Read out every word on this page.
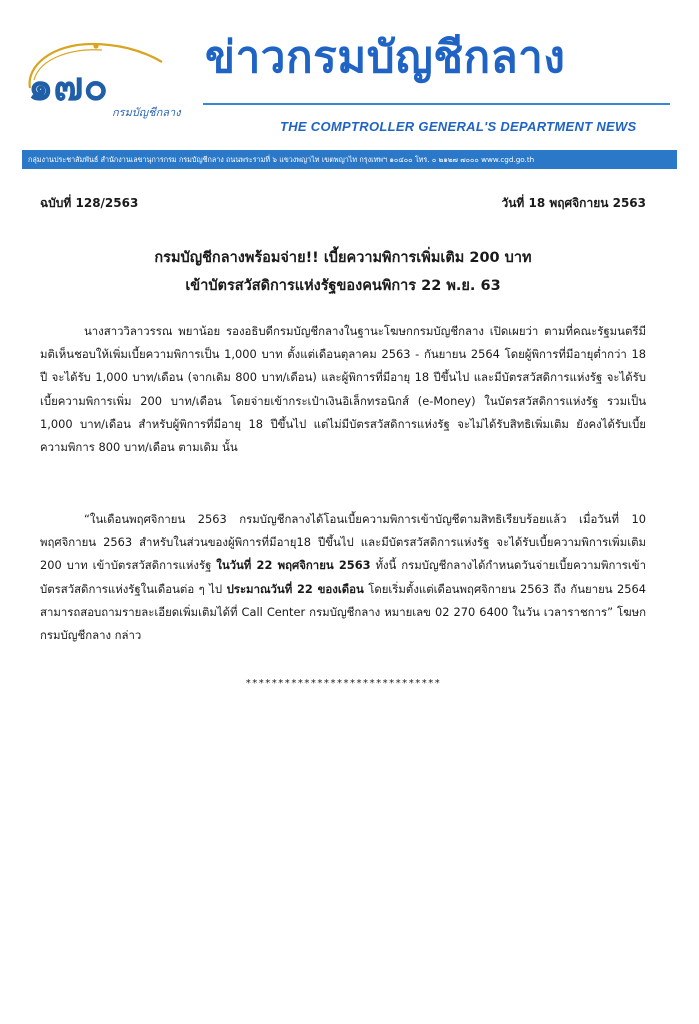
๑๗๐
กรมบัญชีกลาง
ข่าวกรมบัญชีกลาง
THE COMPTROLLER GENERAL'S DEPARTMENT NEWS
กลุ่มงานประชาสัมพันธ์ สำนักงานเลขานุการกรม กรมบัญชีกลาง ถนนพระรามที่ ๖ แขวงพญาไท เขตพญาไท กรุงเทพฯ ๑๐๔๐๐ โทร. ๐ ๒๑๒๗ ๗๐๐๐ www.cgd.go.th
ฉบับที่ 128/2563	วันที่ 18 พฤศจิกายน 2563
กรมบัญชีกลางพร้อมจ่าย!! เบี้ยความพิการเพิ่มเติม 200 บาท
เข้าบัตรสวัสดิการแห่งรัฐของคนพิการ 22 พ.ย. 63

นางสาววิลาวรรณ พยาน้อย รองอธิบดีกรมบัญชีกลางในฐานะโฆษกกรมบัญชีกลาง เปิดเผยว่า ตามที่คณะรัฐมนตรีมีมติเห็นชอบให้เพิ่มเบี้ยความพิการเป็น 1,000 บาท ตั้งแต่เดือนตุลาคม 2563 - กันยายน 2564 โดยผู้พิการที่มีอายุต่ำกว่า 18 ปี จะได้รับ 1,000 บาท/เดือน (จากเดิม 800 บาท/เดือน) และผู้พิการที่มีอายุ 18 ปีขึ้นไป และมีบัตรสวัสดิการแห่งรัฐ จะได้รับเบี้ยความพิการเพิ่ม 200 บาท/เดือน โดยจ่ายเข้ากระเป๋าเงินอิเล็กทรอนิกส์ (e-Money) ในบัตรสวัสดิการแห่งรัฐ รวมเป็น 1,000 บาท/เดือน สำหรับผู้พิการที่มีอายุ 18 ปีขึ้นไป แต่ไม่มีบัตรสวัสดิการแห่งรัฐ จะไม่ได้รับสิทธิเพิ่มเติม ยังคงได้รับเบี้ยความพิการ 800 บาท/เดือน ตามเดิม นั้น

“ในเดือนพฤศจิกายน 2563 กรมบัญชีกลางได้โอนเบี้ยความพิการเข้าบัญชีตามสิทธิเรียบร้อยแล้ว เมื่อวันที่ 10 พฤศจิกายน 2563 สำหรับในส่วนของผู้พิการที่มีอายุ18 ปีขึ้นไป และมีบัตรสวัสดิการแห่งรัฐ จะได้รับเบี้ยความพิการเพิ่มเติม 200 บาท เข้าบัตรสวัสดิการแห่งรัฐ ในวันที่ 22 พฤศจิกายน 2563 ทั้งนี้ กรมบัญชีกลางได้กำหนดวันจ่ายเบี้ยความพิการเข้าบัตรสวัสดิการแห่งรัฐในเดือนต่อ ๆ ไป ประมาณวันที่ 22 ของเดือน โดยเริ่มตั้งแต่เดือนพฤศจิกายน 2563 ถึง กันยายน 2564 สามารถสอบถามรายละเอียดเพิ่มเติมได้ที่ Call Center กรมบัญชีกลาง หมายเลข 02 270 6400 ในวัน เวลาราชการ” โฆษกกรมบัญชีกลาง กล่าว

******************************
